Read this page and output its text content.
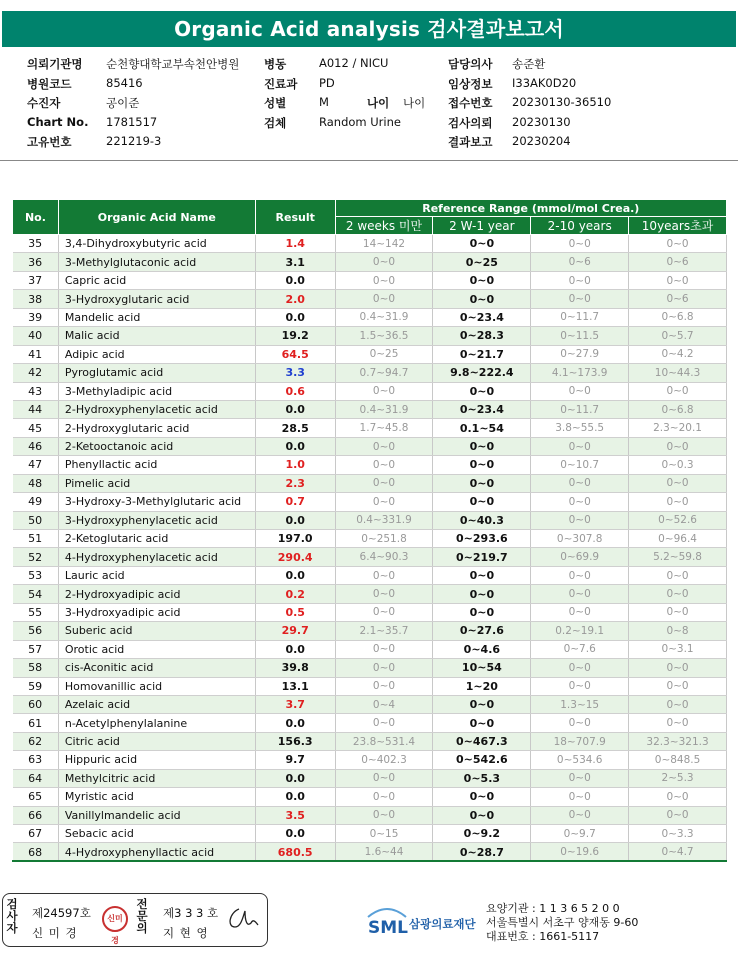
Organic Acid analysis 검사결과보고서
의뢰기관명 순천향대학교부속천안병원 병동	A012 / NICU	담당의사 송준환
병원코드	85416	진료과 PD	임상정보 I33AK0D20
수진자	공이준	성별	M	나이 나이 접수번호 20230130-36510
Chart No. 1781517	검체	Random Urine	검사의뢰 20230130
고유번호	221219-3	결과보고 20230204
No.	Organic Acid Name	Result	Reference Range (mmol/mol Crea.)			
			2 weeks 미만	2 W-1 year	2-10 years	10years초과
35	3,4-Dihydroxybutyric acid	1.4	14~142	0~0	0~0	0~0
36	3-Methylglutaconic acid	3.1	0~0	0~25	0~6	0~6
37	Capric acid	0.0	0~0	0~0	0~0	0~0
38	3-Hydroxyglutaric acid	2.0	0~0	0~0	0~0	0~6
39	Mandelic acid	0.0	0.4~31.9	0~23.4	0~11.7	0~6.8
40	Malic acid	19.2	1.5~36.5	0~28.3	0~11.5	0~5.7
41	Adipic acid	64.5	0~25	0~21.7	0~27.9	0~4.2
42	Pyroglutamic acid	3.3	0.7~94.7	9.8~222.4	4.1~173.9	10~44.3
43	3-Methyladipic acid	0.6	0~0	0~0	0~0	0~0
44	2-Hydroxyphenylacetic acid	0.0	0.4~31.9	0~23.4	0~11.7	0~6.8
45	2-Hydroxyglutaric acid	28.5	1.7~45.8	0.1~54	3.8~55.5	2.3~20.1
46	2-Ketooctanoic acid	0.0	0~0	0~0	0~0	0~0
47	Phenyllactic acid	1.0	0~0	0~0	0~10.7	0~0.3
48	Pimelic acid	2.3	0~0	0~0	0~0	0~0
49	3-Hydroxy-3-Methylglutaric acid	0.7	0~0	0~0	0~0	0~0
50	3-Hydroxyphenylacetic acid	0.0	0.4~331.9	0~40.3	0~0	0~52.6
51	2-Ketoglutaric acid	197.0	0~251.8	0~293.6	0~307.8	0~96.4
52	4-Hydroxyphenylacetic acid	290.4	6.4~90.3	0~219.7	0~69.9	5.2~59.8
53	Lauric acid	0.0	0~0	0~0	0~0	0~0
54	2-Hydroxyadipic acid	0.2	0~0	0~0	0~0	0~0
55	3-Hydroxyadipic acid	0.5	0~0	0~0	0~0	0~0
56	Suberic acid	29.7	2.1~35.7	0~27.6	0.2~19.1	0~8
57	Orotic acid	0.0	0~0	0~4.6	0~7.6	0~3.1
58	cis-Aconitic acid	39.8	0~0	10~54	0~0	0~0
59	Homovanillic acid	13.1	0~0	1~20	0~0	0~0
60	Azelaic acid	3.7	0~4	0~0	1.3~15	0~0
61	n-Acetylphenylalanine	0.0	0~0	0~0	0~0	0~0
62	Citric acid	156.3	23.8~531.4	0~467.3	18~707.9	32.3~321.3
63	Hippuric acid	9.7	0~402.3	0~542.6	0~534.6	0~848.5
64	Methylcitric acid	0.0	0~0	0~5.3	0~0	2~5.3
65	Myristic acid	0.0	0~0	0~0	0~0	0~0
66	Vanillylmandelic acid	3.5	0~0	0~0	0~0	0~0
67	Sebacic acid	0.0	0~15	0~9.2	0~9.7	0~3.3
68	4-Hydroxyphenyllactic acid	680.5	1.6~44	0~28.7	0~19.6	0~4.7
검사자
제24597호
신 미 경
신미경
전문의
제3 3 3 호
지 현 영	SML 삼광의료재단
요양기관 : 1 1 3 6 5 2 0 0
서울특별시 서초구 양재동 9-60
대표번호 : 1661-5117
